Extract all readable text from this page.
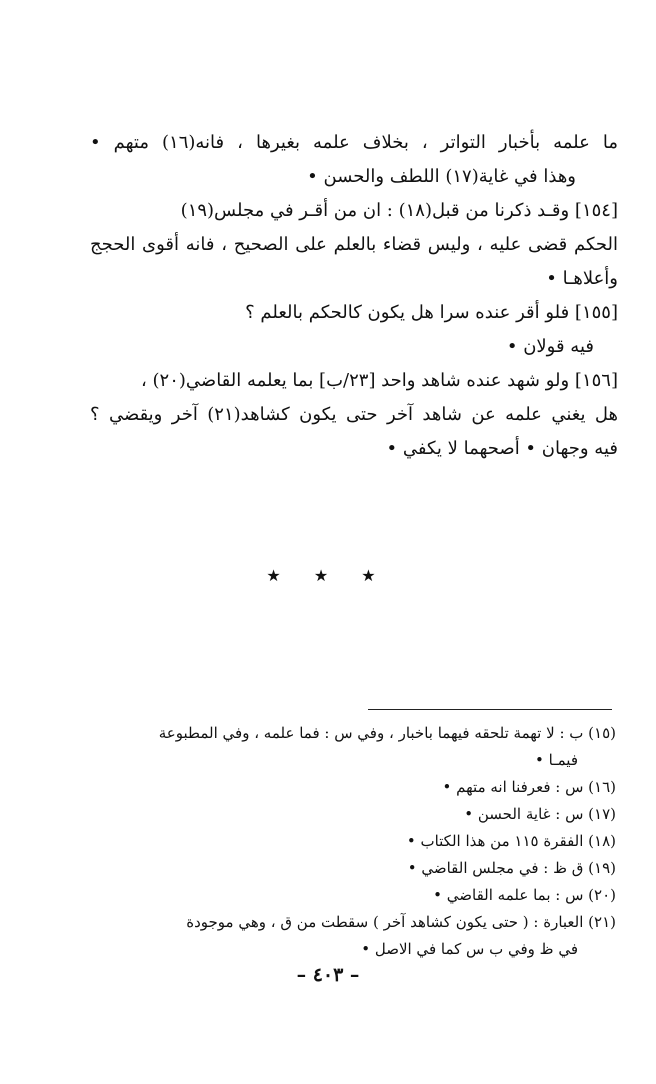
ما علمه بأخبار التواتر ، بخلاف علمه بغيرها ، فانه(١٦) متهم •
وهذا في غاية(١٧) اللطف والحسن •
[١٥٤] وقـد ذكرنا من قبل(١٨) : ان من أقـر في مجلس(١٩)
الحكم قضى عليه ، وليس قضاء بالعلم على الصحيح ، فانه أقوى الحجج
وأعلاهـا •
[١٥٥] فلو أقر عنده سرا هل يكون كالحكم بالعلم ؟
فيه قولان •
[١٥٦] ولو شهد عنده شاهد واحد [٢٣/ب] بما يعلمه القاضي(٢٠) ،
هل يغني علمه عن شاهد آخر حتى يكون كشاهد(٢١) آخر ويقضي ؟
فيه وجهان • أصحهما لا يكفي •
★ ★ ★
(١٥) ب : لا تهمة تلحقه فيهما باخبار ، وفي س : فما علمه ، وفي المطبوعة
فيمـا •
(١٦) س : فعرفنا انه متهم •
(١٧) س : غاية الحسن •
(١٨) الفقرة ١١٥ من هذا الكتاب •
(١٩) ق ظ : في مجلس القاضي •
(٢٠) س : بما علمه القاضي •
(٢١) العبارة : ( حتى يكون كشاهد آخر ) سقطت من ق ، وهي موجودة
في ظ وفي ب س كما في الاصل •
– ٤٠٣ –
